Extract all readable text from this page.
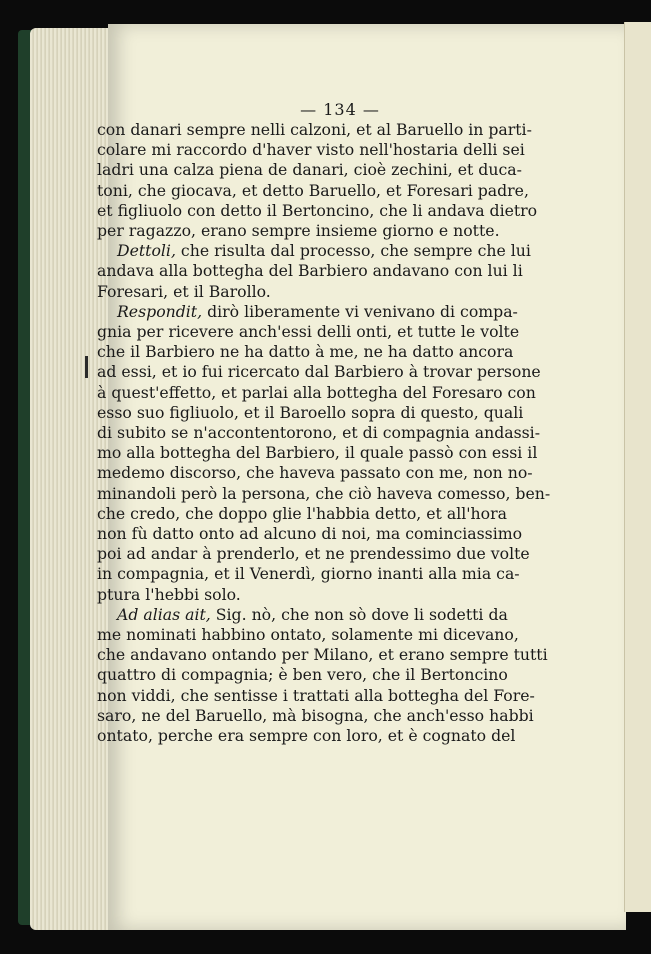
— 134 —
con danari sempre nelli calzoni, et al Baruello in parti-
colare mi raccordo d'haver visto nell'hostaria delli sei
ladri una calza piena de danari, cioè zechini, et duca-
toni, che giocava, et detto Baruello, et Foresari padre,
et figliuolo con detto il Bertoncino, che li andava dietro
per ragazzo, erano sempre insieme giorno e notte.
Dettoli, che risulta dal processo, che sempre che lui
andava alla bottegha del Barbiero andavano con lui li
Foresari, et il Barollo.
Respondit, dirò liberamente vi venivano di compa-
gnia per ricevere anch'essi delli onti, et tutte le volte
che il Barbiero ne ha datto à me, ne ha datto ancora
ad essi, et io fui ricercato dal Barbiero à trovar persone
à quest'effetto, et parlai alla bottegha del Foresaro con
esso suo figliuolo, et il Baroello sopra di questo, quali
di subito se n'accontentorono, et di compagnia andassi-
mo alla bottegha del Barbiero, il quale passò con essi il
medemo discorso, che haveva passato con me, non no-
minandoli però la persona, che ciò haveva comesso, ben-
che credo, che doppo glie l'habbia detto, et all'hora
non fù datto onto ad alcuno di noi, ma cominciassimo
poi ad andar à prenderlo, et ne prendessimo due volte
in compagnia, et il Venerdì, giorno inanti alla mia ca-
ptura l'hebbi solo.
Ad alias ait, Sig. nò, che non sò dove li sodetti da
me nominati habbino ontato, solamente mi dicevano,
che andavano ontando per Milano, et erano sempre tutti
quattro di compagnia; è ben vero, che il Bertoncino
non viddi, che sentisse i trattati alla bottegha del Fore-
saro, ne del Baruello, mà bisogna, che anch'esso habbi
ontato, perche era sempre con loro, et è cognato del
